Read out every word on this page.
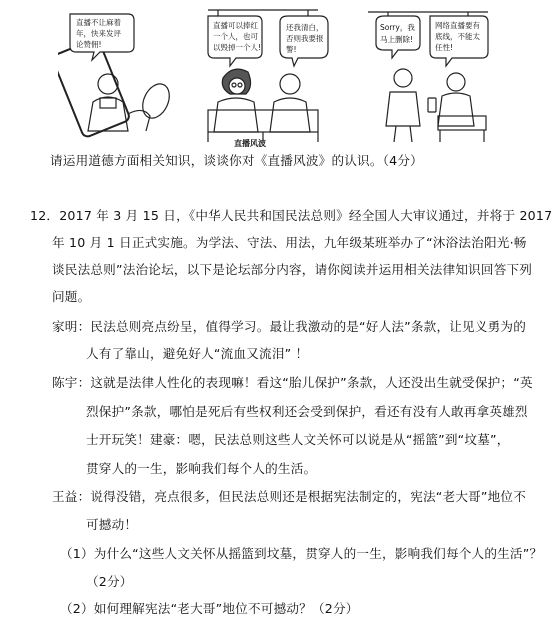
直播不让麻着
年，快来发评
论赞佣!
直播可以捧红
一个人，也可
以毁掉一个人!
还我清白，
否则我要报
警!
Sorry，我
马上删除!
网络直播要有
底线，不能太
任性!
直播风波
请运用道德方面相关知识，谈谈你对《直播风波》的认识。（4分）
12．2017 年 3 月 15 日，《中华人民共和国民法总则》经全国人大审议通过，并将于 2017
年 10 月 1 日正式实施。为学法、守法、用法，九年级某班举办了“沐浴法治阳光·畅
谈民法总则”法治论坛，以下是论坛部分内容，请你阅读并运用相关法律知识回答下列
问题。
家明：民法总则亮点纷呈，值得学习。最让我激动的是“好人法”条款，让见义勇为的
人有了靠山，避免好人“流血又流泪” ！
陈宇：这就是法律人性化的表现嘛！看这“胎儿保护”条款，人还没出生就受保护；“英
烈保护”条款，哪怕是死后有些权利还会受到保护，看还有没有人敢再拿英雄烈
士开玩笑！建豪：嗯，民法总则这些人文关怀可以说是从“摇篮”到“坟墓”，
贯穿人的一生，影响我们每个人的生活。
王益：说得没错，亮点很多，但民法总则还是根据宪法制定的，宪法“老大哥”地位不
可撼动！
（1）为什么“这些人文关怀从摇篮到坟墓，贯穿人的一生，影响我们每个人的生活”？
（2分）
（2）如何理解宪法“老大哥”地位不可撼动？（2分）
